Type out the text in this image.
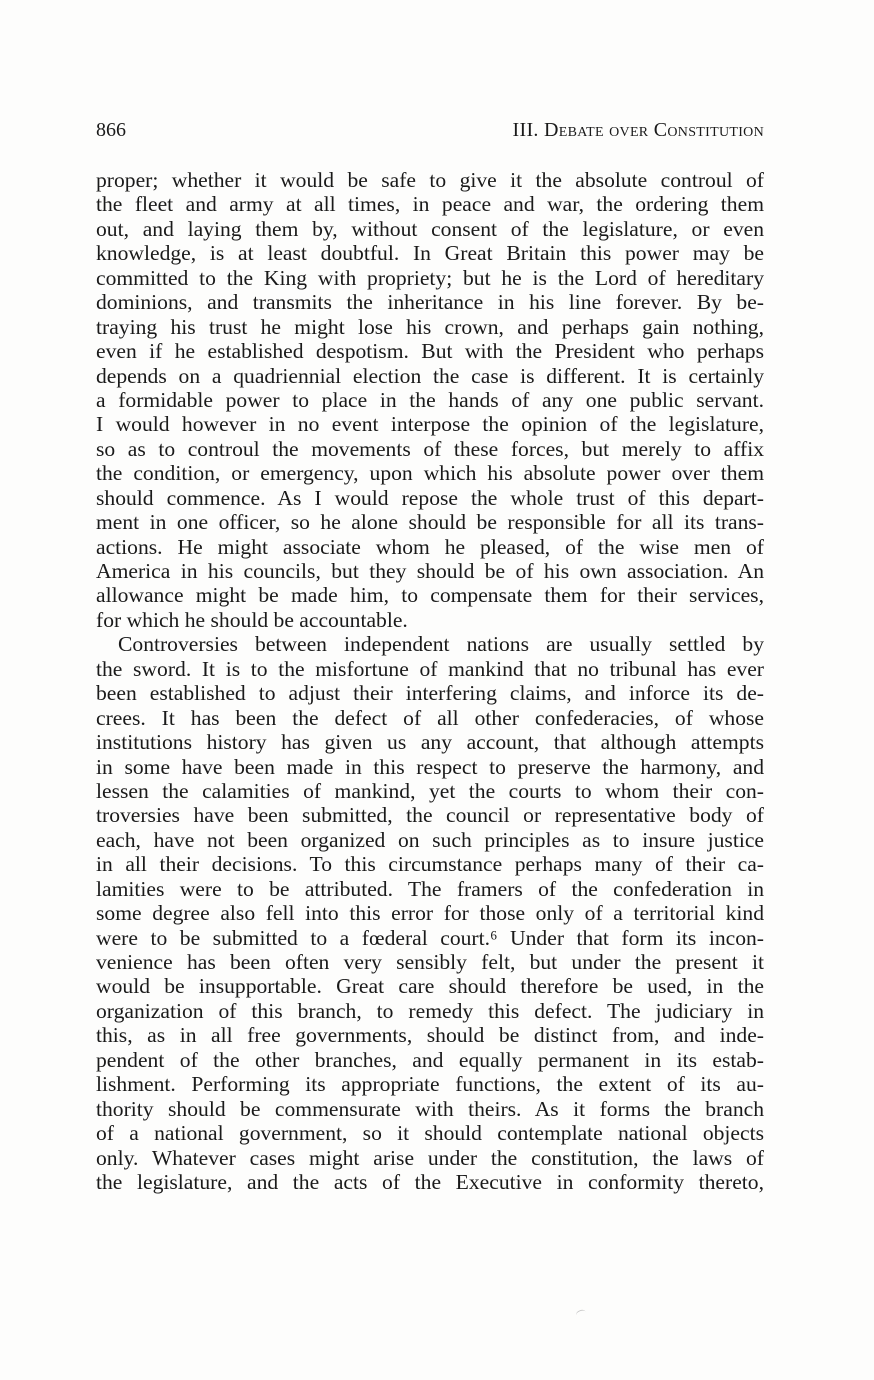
866	III. Debate over Constitution
proper; whether it would be safe to give it the absolute controul of
the fleet and army at all times, in peace and war, the ordering them
out, and laying them by, without consent of the legislature, or even
knowledge, is at least doubtful. In Great Britain this power may be
committed to the King with propriety; but he is the Lord of hereditary
dominions, and transmits the inheritance in his line forever. By be-
traying his trust he might lose his crown, and perhaps gain nothing,
even if he established despotism. But with the President who perhaps
depends on a quadriennial election the case is different. It is certainly
a formidable power to place in the hands of any one public servant.
I would however in no event interpose the opinion of the legislature,
so as to controul the movements of these forces, but merely to affix
the condition, or emergency, upon which his absolute power over them
should commence. As I would repose the whole trust of this depart-
ment in one officer, so he alone should be responsible for all its trans-
actions. He might associate whom he pleased, of the wise men of
America in his councils, but they should be of his own association. An
allowance might be made him, to compensate them for their services,
for which he should be accountable.
Controversies between independent nations are usually settled by
the sword. It is to the misfortune of mankind that no tribunal has ever
been established to adjust their interfering claims, and inforce its de-
crees. It has been the defect of all other confederacies, of whose
institutions history has given us any account, that although attempts
in some have been made in this respect to preserve the harmony, and
lessen the calamities of mankind, yet the courts to whom their con-
troversies have been submitted, the council or representative body of
each, have not been organized on such principles as to insure justice
in all their decisions. To this circumstance perhaps many of their ca-
lamities were to be attributed. The framers of the confederation in
some degree also fell into this error for those only of a territorial kind
were to be submitted to a fœderal court.⁶ Under that form its incon-
venience has been often very sensibly felt, but under the present it
would be insupportable. Great care should therefore be used, in the
organization of this branch, to remedy this defect. The judiciary in
this, as in all free governments, should be distinct from, and inde-
pendent of the other branches, and equally permanent in its estab-
lishment. Performing its appropriate functions, the extent of its au-
thority should be commensurate with theirs. As it forms the branch
of a national government, so it should contemplate national objects
only. Whatever cases might arise under the constitution, the laws of
the legislature, and the acts of the Executive in conformity thereto,
